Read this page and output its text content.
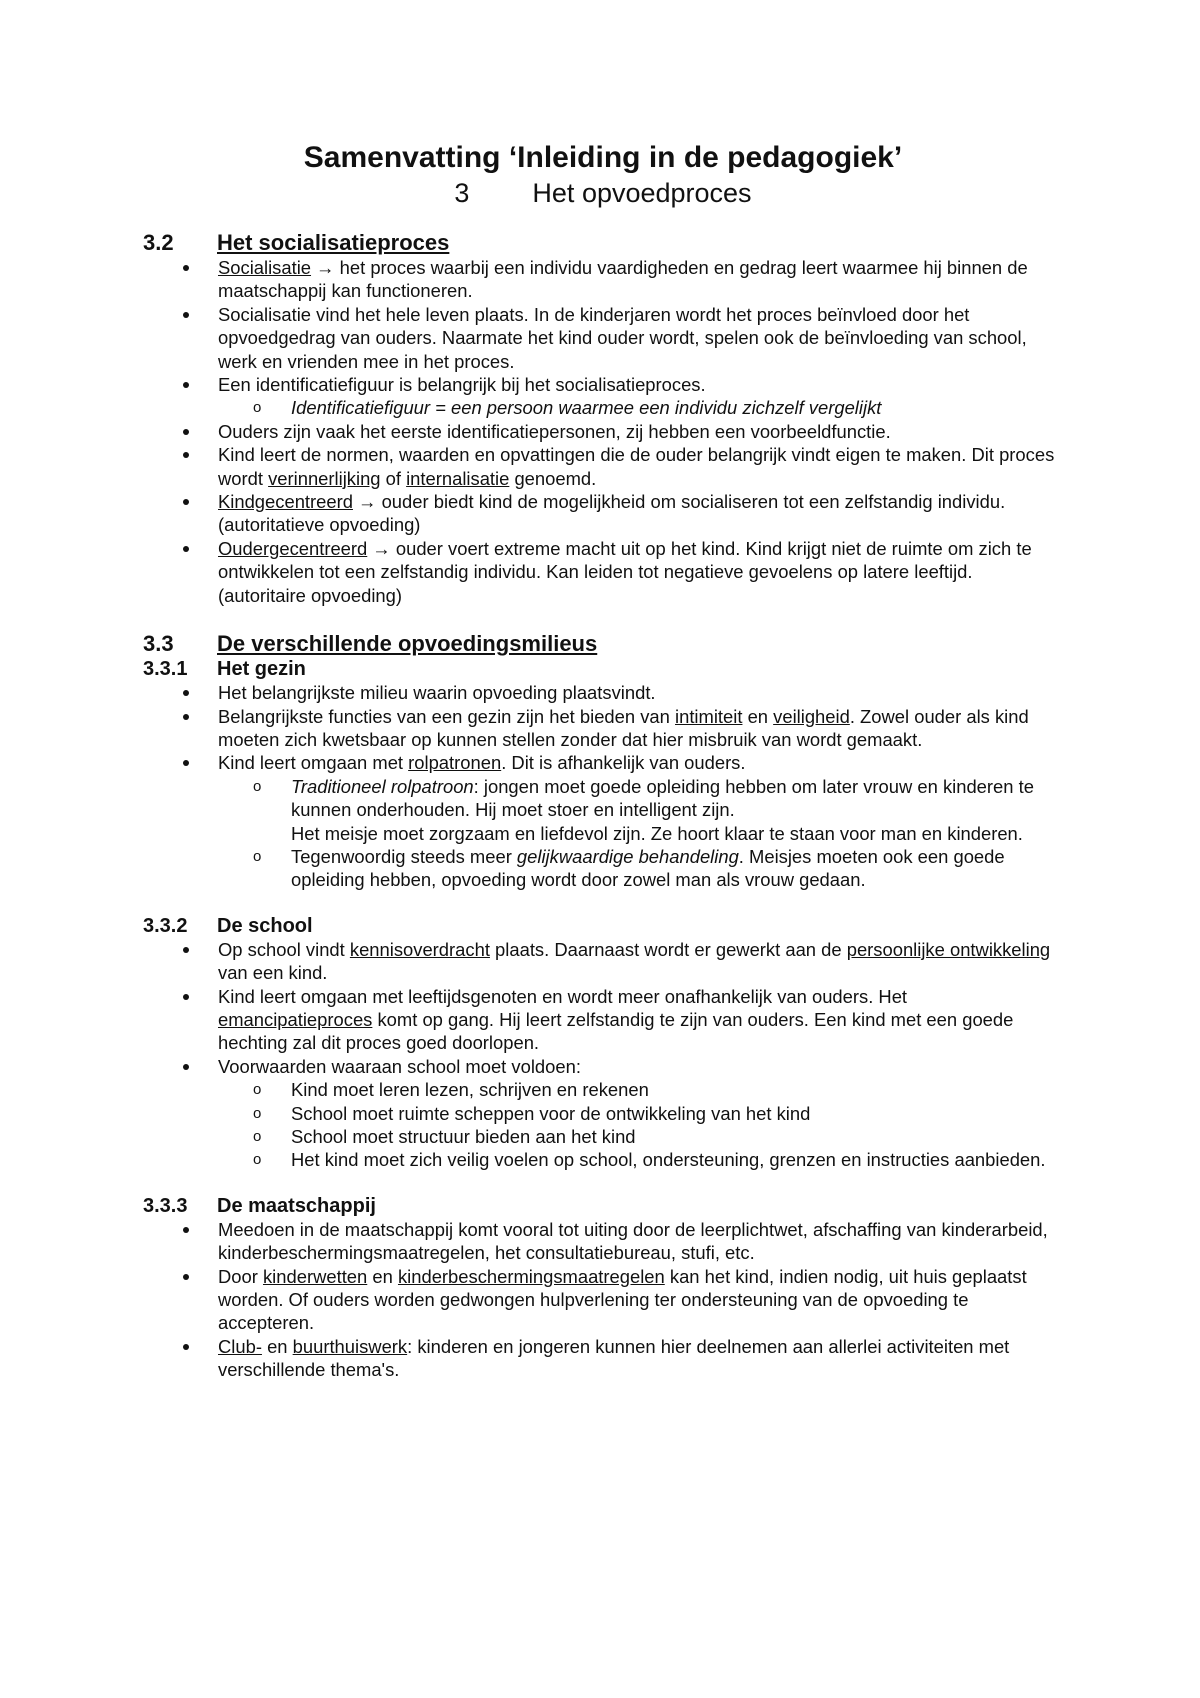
Samenvatting ‘Inleiding in de pedagogiek’
3 Het opvoedproces
3.2 Het socialisatieproces
Socialisatie → het proces waarbij een individu vaardigheden en gedrag leert waarmee hij binnen de maatschappij kan functioneren.
Socialisatie vind het hele leven plaats. In de kinderjaren wordt het proces beïnvloed door het opvoedgedrag van ouders. Naarmate het kind ouder wordt, spelen ook de beïnvloeding van school, werk en vrienden mee in het proces.
Een identificatiefiguur is belangrijk bij het socialisatieproces.
o Identificatiefiguur = een persoon waarmee een individu zichzelf vergelijkt
Ouders zijn vaak het eerste identificatiepersonen, zij hebben een voorbeeldfunctie.
Kind leert de normen, waarden en opvattingen die de ouder belangrijk vindt eigen te maken. Dit proces wordt verinnerlijking of internalisatie genoemd.
Kindgecentreerd → ouder biedt kind de mogelijkheid om socialiseren tot een zelfstandig individu. (autoritatieve opvoeding)
Oudergecentreerd → ouder voert extreme macht uit op het kind. Kind krijgt niet de ruimte om zich te ontwikkelen tot een zelfstandig individu. Kan leiden tot negatieve gevoelens op latere leeftijd. (autoritaire opvoeding)
3.3 De verschillende opvoedingsmilieus
3.3.1 Het gezin
Het belangrijkste milieu waarin opvoeding plaatsvindt.
Belangrijkste functies van een gezin zijn het bieden van intimiteit en veiligheid. Zowel ouder als kind moeten zich kwetsbaar op kunnen stellen zonder dat hier misbruik van wordt gemaakt.
Kind leert omgaan met rolpatronen. Dit is afhankelijk van ouders.
o Traditioneel rolpatroon: jongen moet goede opleiding hebben om later vrouw en kinderen te kunnen onderhouden. Hij moet stoer en intelligent zijn.
Het meisje moet zorgzaam en liefdevol zijn. Ze hoort klaar te staan voor man en kinderen.
o Tegenwoordig steeds meer gelijkwaardige behandeling. Meisjes moeten ook een goede opleiding hebben, opvoeding wordt door zowel man als vrouw gedaan.
3.3.2 De school
Op school vindt kennisoverdracht plaats. Daarnaast wordt er gewerkt aan de persoonlijke ontwikkeling van een kind.
Kind leert omgaan met leeftijdsgenoten en wordt meer onafhankelijk van ouders. Het emancipatieproces komt op gang. Hij leert zelfstandig te zijn van ouders. Een kind met een goede hechting zal dit proces goed doorlopen.
Voorwaarden waaraan school moet voldoen:
o Kind moet leren lezen, schrijven en rekenen
o School moet ruimte scheppen voor de ontwikkeling van het kind
o School moet structuur bieden aan het kind
o Het kind moet zich veilig voelen op school, ondersteuning, grenzen en instructies aanbieden.
3.3.3 De maatschappij
Meedoen in de maatschappij komt vooral tot uiting door de leerplichtwet, afschaffing van kinderarbeid, kinderbeschermingsmaatregelen, het consultatiebureau, stufi, etc.
Door kinderwetten en kinderbeschermingsmaatregelen kan het kind, indien nodig, uit huis geplaatst worden. Of ouders worden gedwongen hulpverlening ter ondersteuning van de opvoeding te accepteren.
Club- en buurthuiswerk: kinderen en jongeren kunnen hier deelnemen aan allerlei activiteiten met verschillende thema's.
